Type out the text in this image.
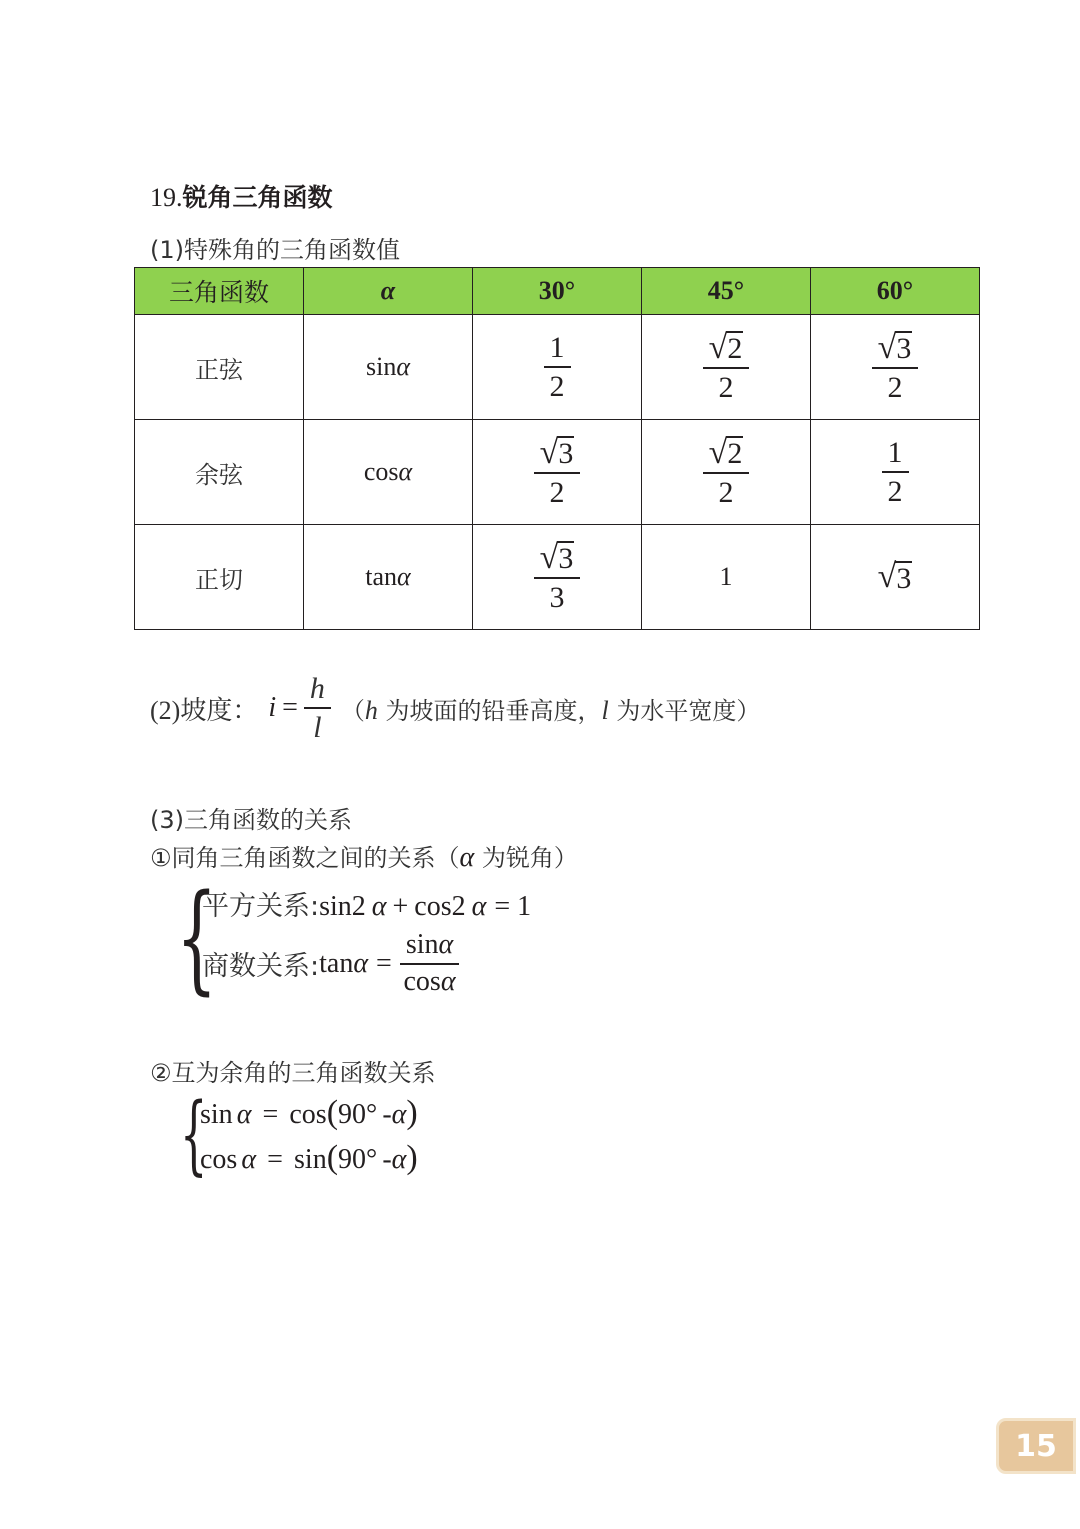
19.锐角三角函数
(1)特殊角的三角函数值
三角函数	α	30°	45°	60°
正弦	sinα	$\frac{1}{2}$	$\frac{√ 2}{2}$	$\frac{√ 3}{2}$

余弦	cosα	$\frac{√ 3}{2}$	$\frac{√ 2}{2}$	$\frac{1}{2}$

正切	tanα	$\frac{√ 3}{3}$	1	√ 3
(2)坡度： $i = \frac{h}{l} (h$ 为坡面的铅垂高度，l 为水平宽度）
(3)三角函数的关系
①同角三角函数之间的关系（α 为锐角）
{
平方关系: sin 2 α + cos 2 α = 1
商数关系: $\tan \alpha = \frac{\sin\alpha}{\cos\alpha}$
②互为余角的三角函数关系
{
sin α = cos(90° -α)
cos α = sin(90° -α)
15
